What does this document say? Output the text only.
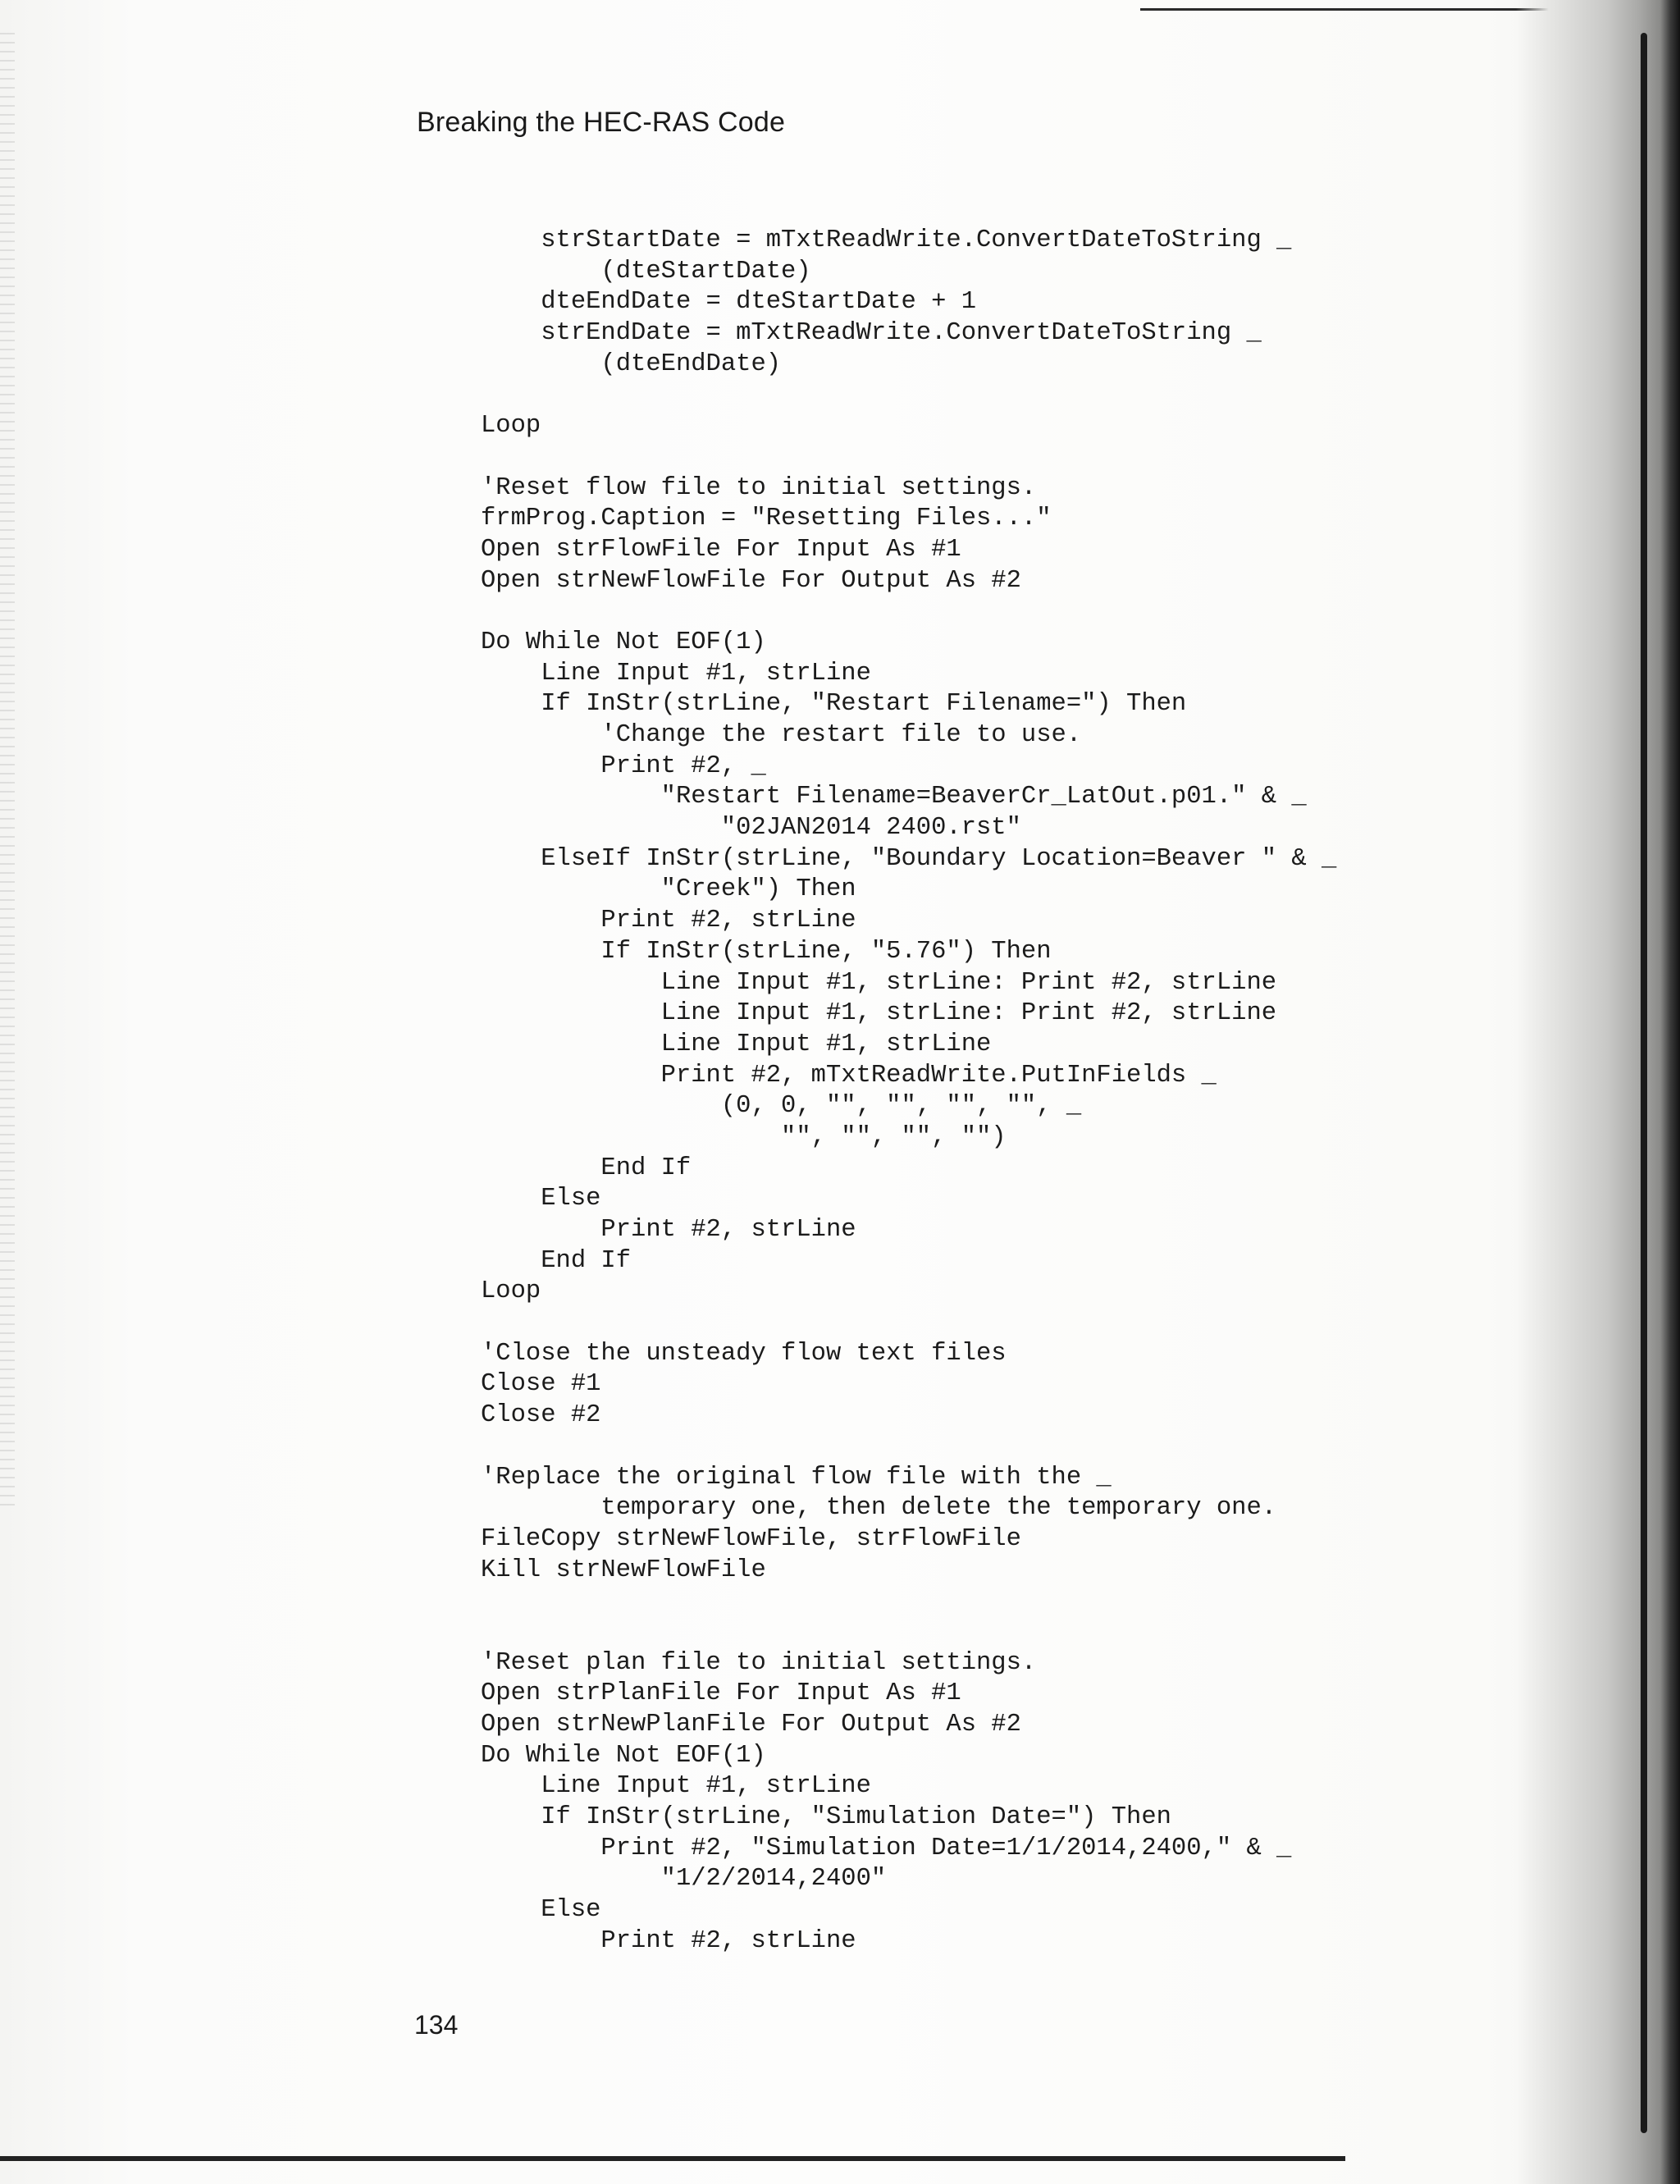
Breaking the HEC-RAS Code
strStartDate = mTxtReadWrite.ConvertDateToString _
(dteStartDate)
dteEndDate = dteStartDate + 1
strEndDate = mTxtReadWrite.ConvertDateToString _
(dteEndDate)
Loop
'Reset flow file to initial settings.
frmProg.Caption = "Resetting Files..."
Open strFlowFile For Input As #1
Open strNewFlowFile For Output As #2
Do While Not EOF(1)
Line Input #1, strLine
If InStr(strLine, "Restart Filename=") Then
'Change the restart file to use.
Print #2, _
"Restart Filename=BeaverCr_LatOut.p01." & _
"02JAN2014 2400.rst"
ElseIf InStr(strLine, "Boundary Location=Beaver " & _
"Creek") Then
Print #2, strLine
If InStr(strLine, "5.76") Then
Line Input #1, strLine: Print #2, strLine
Line Input #1, strLine: Print #2, strLine
Line Input #1, strLine
Print #2, mTxtReadWrite.PutInFields _
(0, 0, "", "", "", "", _
"", "", "", "")
End If
Else
Print #2, strLine
End If
Loop
'Close the unsteady flow text files
Close #1
Close #2
'Replace the original flow file with the _
temporary one, then delete the temporary one.
FileCopy strNewFlowFile, strFlowFile
Kill strNewFlowFile
'Reset plan file to initial settings.
Open strPlanFile For Input As #1
Open strNewPlanFile For Output As #2
Do While Not EOF(1)
Line Input #1, strLine
If InStr(strLine, "Simulation Date=") Then
Print #2, "Simulation Date=1/1/2014,2400," & _
"1/2/2014,2400"
Else
Print #2, strLine
134
